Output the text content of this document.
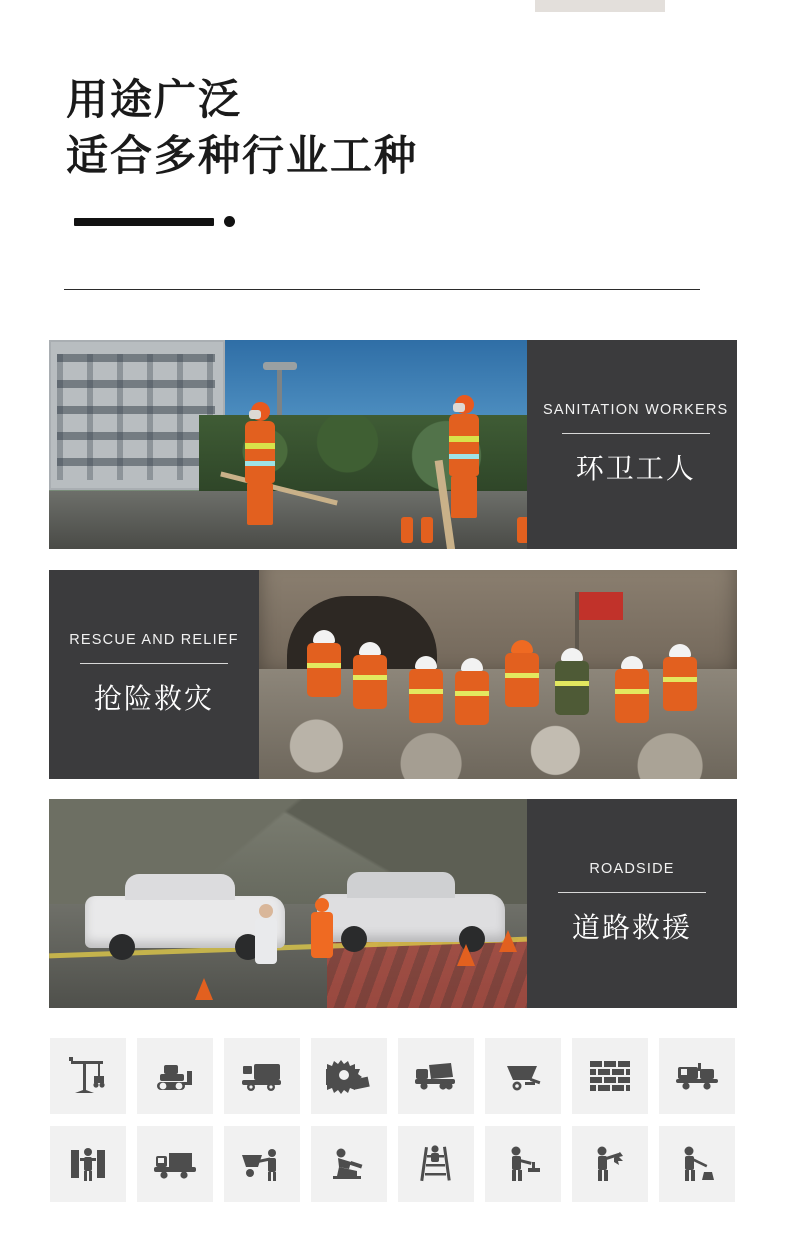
用途广泛
适合多种行业工种
SANITATION WORKERS
环卫工人
RESCUE AND RELIEF
抢险救灾
ROADSIDE
道路救援
